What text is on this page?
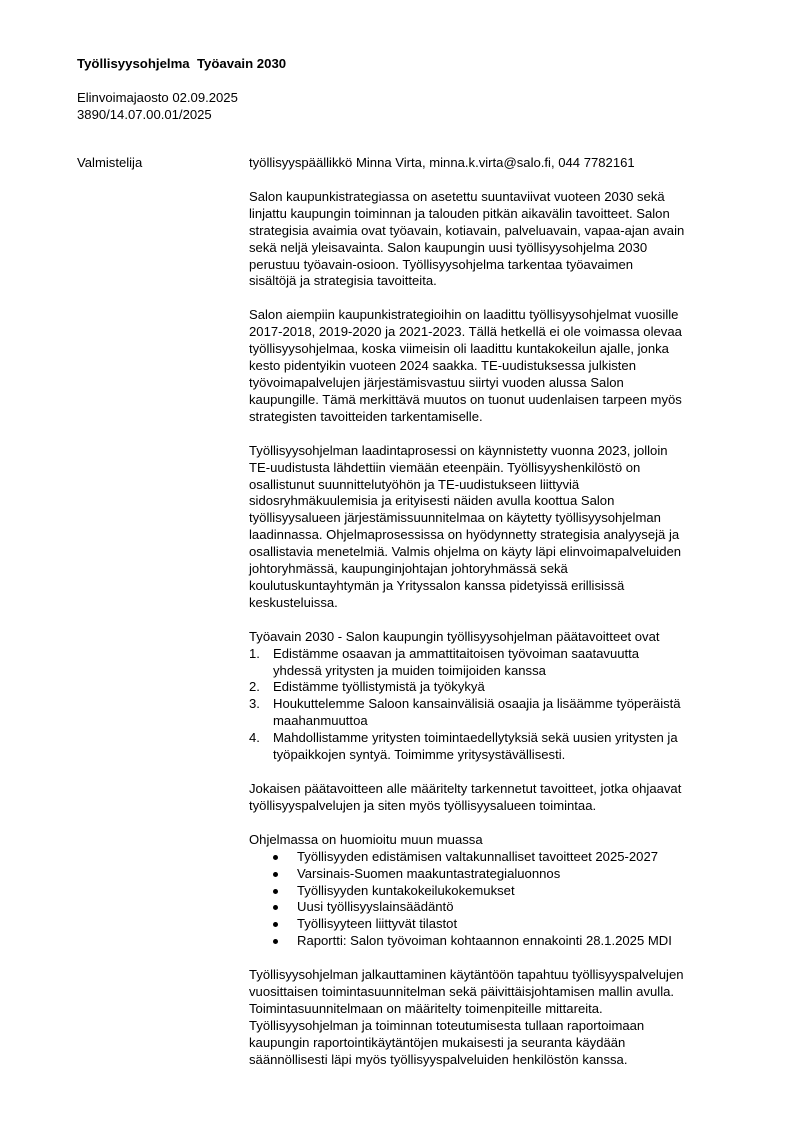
Työllisyysohjelma  Työavain 2030
Elinvoimajaosto 02.09.2025
3890/14.07.00.01/2025
Valmistelija	työllisyyspäällikkö Minna Virta, minna.k.virta@salo.fi, 044 7782161
Salon kaupunkistrategiassa on asetettu suuntaviivat vuoteen 2030 sekä
linjattu kaupungin toiminnan ja talouden pitkän aikavälin tavoitteet. Salon
strategisia avaimia ovat työavain, kotiavain, palveluavain, vapaa-ajan avain
sekä neljä yleisavainta. Salon kaupungin uusi työllisyysohjelma 2030
perustuu työavain-osioon. Työllisyysohjelma tarkentaa työavaimen
sisältöjä ja strategisia tavoitteita.
Salon aiempiin kaupunkistrategioihin on laadittu työllisyysohjelmat vuosille
2017-2018, 2019-2020 ja 2021-2023. Tällä hetkellä ei ole voimassa olevaa
työllisyysohjelmaa, koska viimeisin oli laadittu kuntakokeilun ajalle, jonka
kesto pidentyikin vuoteen 2024 saakka. TE-uudistuksessa julkisten
työvoimapalvelujen järjestämisvastuu siirtyi vuoden alussa Salon
kaupungille. Tämä merkittävä muutos on tuonut uudenlaisen tarpeen myös
strategisten tavoitteiden tarkentamiselle.
Työllisyysohjelman laadintaprosessi on käynnistetty vuonna 2023, jolloin
TE-uudistusta lähdettiin viemään eteenpäin. Työllisyyshenkilöstö on
osallistunut suunnittelutyöhön ja TE-uudistukseen liittyviä
sidosryhmäkuulemisia ja erityisesti näiden avulla koottua Salon
työllisyysalueen järjestämissuunnitelmaa on käytetty työllisyysohjelman
laadinnassa. Ohjelmaprosessissa on hyödynnetty strategisia analyysejä ja
osallistavia menetelmiä. Valmis ohjelma on käyty läpi elinvoimapalveluiden
johtoryhmässä, kaupunginjohtajan johtoryhmässä sekä
koulutuskuntayhtymän ja Yrityssalon kanssa pidetyissä erillisissä
keskusteluissa.
Työavain 2030 - Salon kaupungin työllisyysohjelman päätavoitteet ovat
1. Edistämme osaavan ja ammattitaitoisen työvoiman saatavuutta
yhdessä yritysten ja muiden toimijoiden kanssa
2. Edistämme työllistymistä ja työkykyä
3. Houkuttelemme Saloon kansainvälisiä osaajia ja lisäämme työperäistä
maahanmuuttoa
4. Mahdollistamme yritysten toimintaedellytyksiä sekä uusien yritysten ja
työpaikkojen syntyä. Toimimme yritysystävällisesti.
Jokaisen päätavoitteen alle määritelty tarkennetut tavoitteet, jotka ohjaavat
työllisyyspalvelujen ja siten myös työllisyysalueen toimintaa.
Ohjelmassa on huomioitu muun muassa
Työllisyyden edistämisen valtakunnalliset tavoitteet 2025-2027
Varsinais-Suomen maakuntastrategialuonnos
Työllisyyden kuntakokeilukokemukset
Uusi työllisyyslainsäädäntö
Työllisyyteen liittyvät tilastot
Raportti: Salon työvoiman kohtaannon ennakointi 28.1.2025 MDI
Työllisyysohjelman jalkauttaminen käytäntöön tapahtuu työllisyyspalvelujen
vuosittaisen toimintasuunnitelman sekä päivittäisjohtamisen mallin avulla.
Toimintasuunnitelmaan on määritelty toimenpiteille mittareita.
Työllisyysohjelman ja toiminnan toteutumisesta tullaan raportoimaan
kaupungin raportointikäytäntöjen mukaisesti ja seuranta käydään
säännöllisesti läpi myös työllisyyspalveluiden henkilöstön kanssa.
